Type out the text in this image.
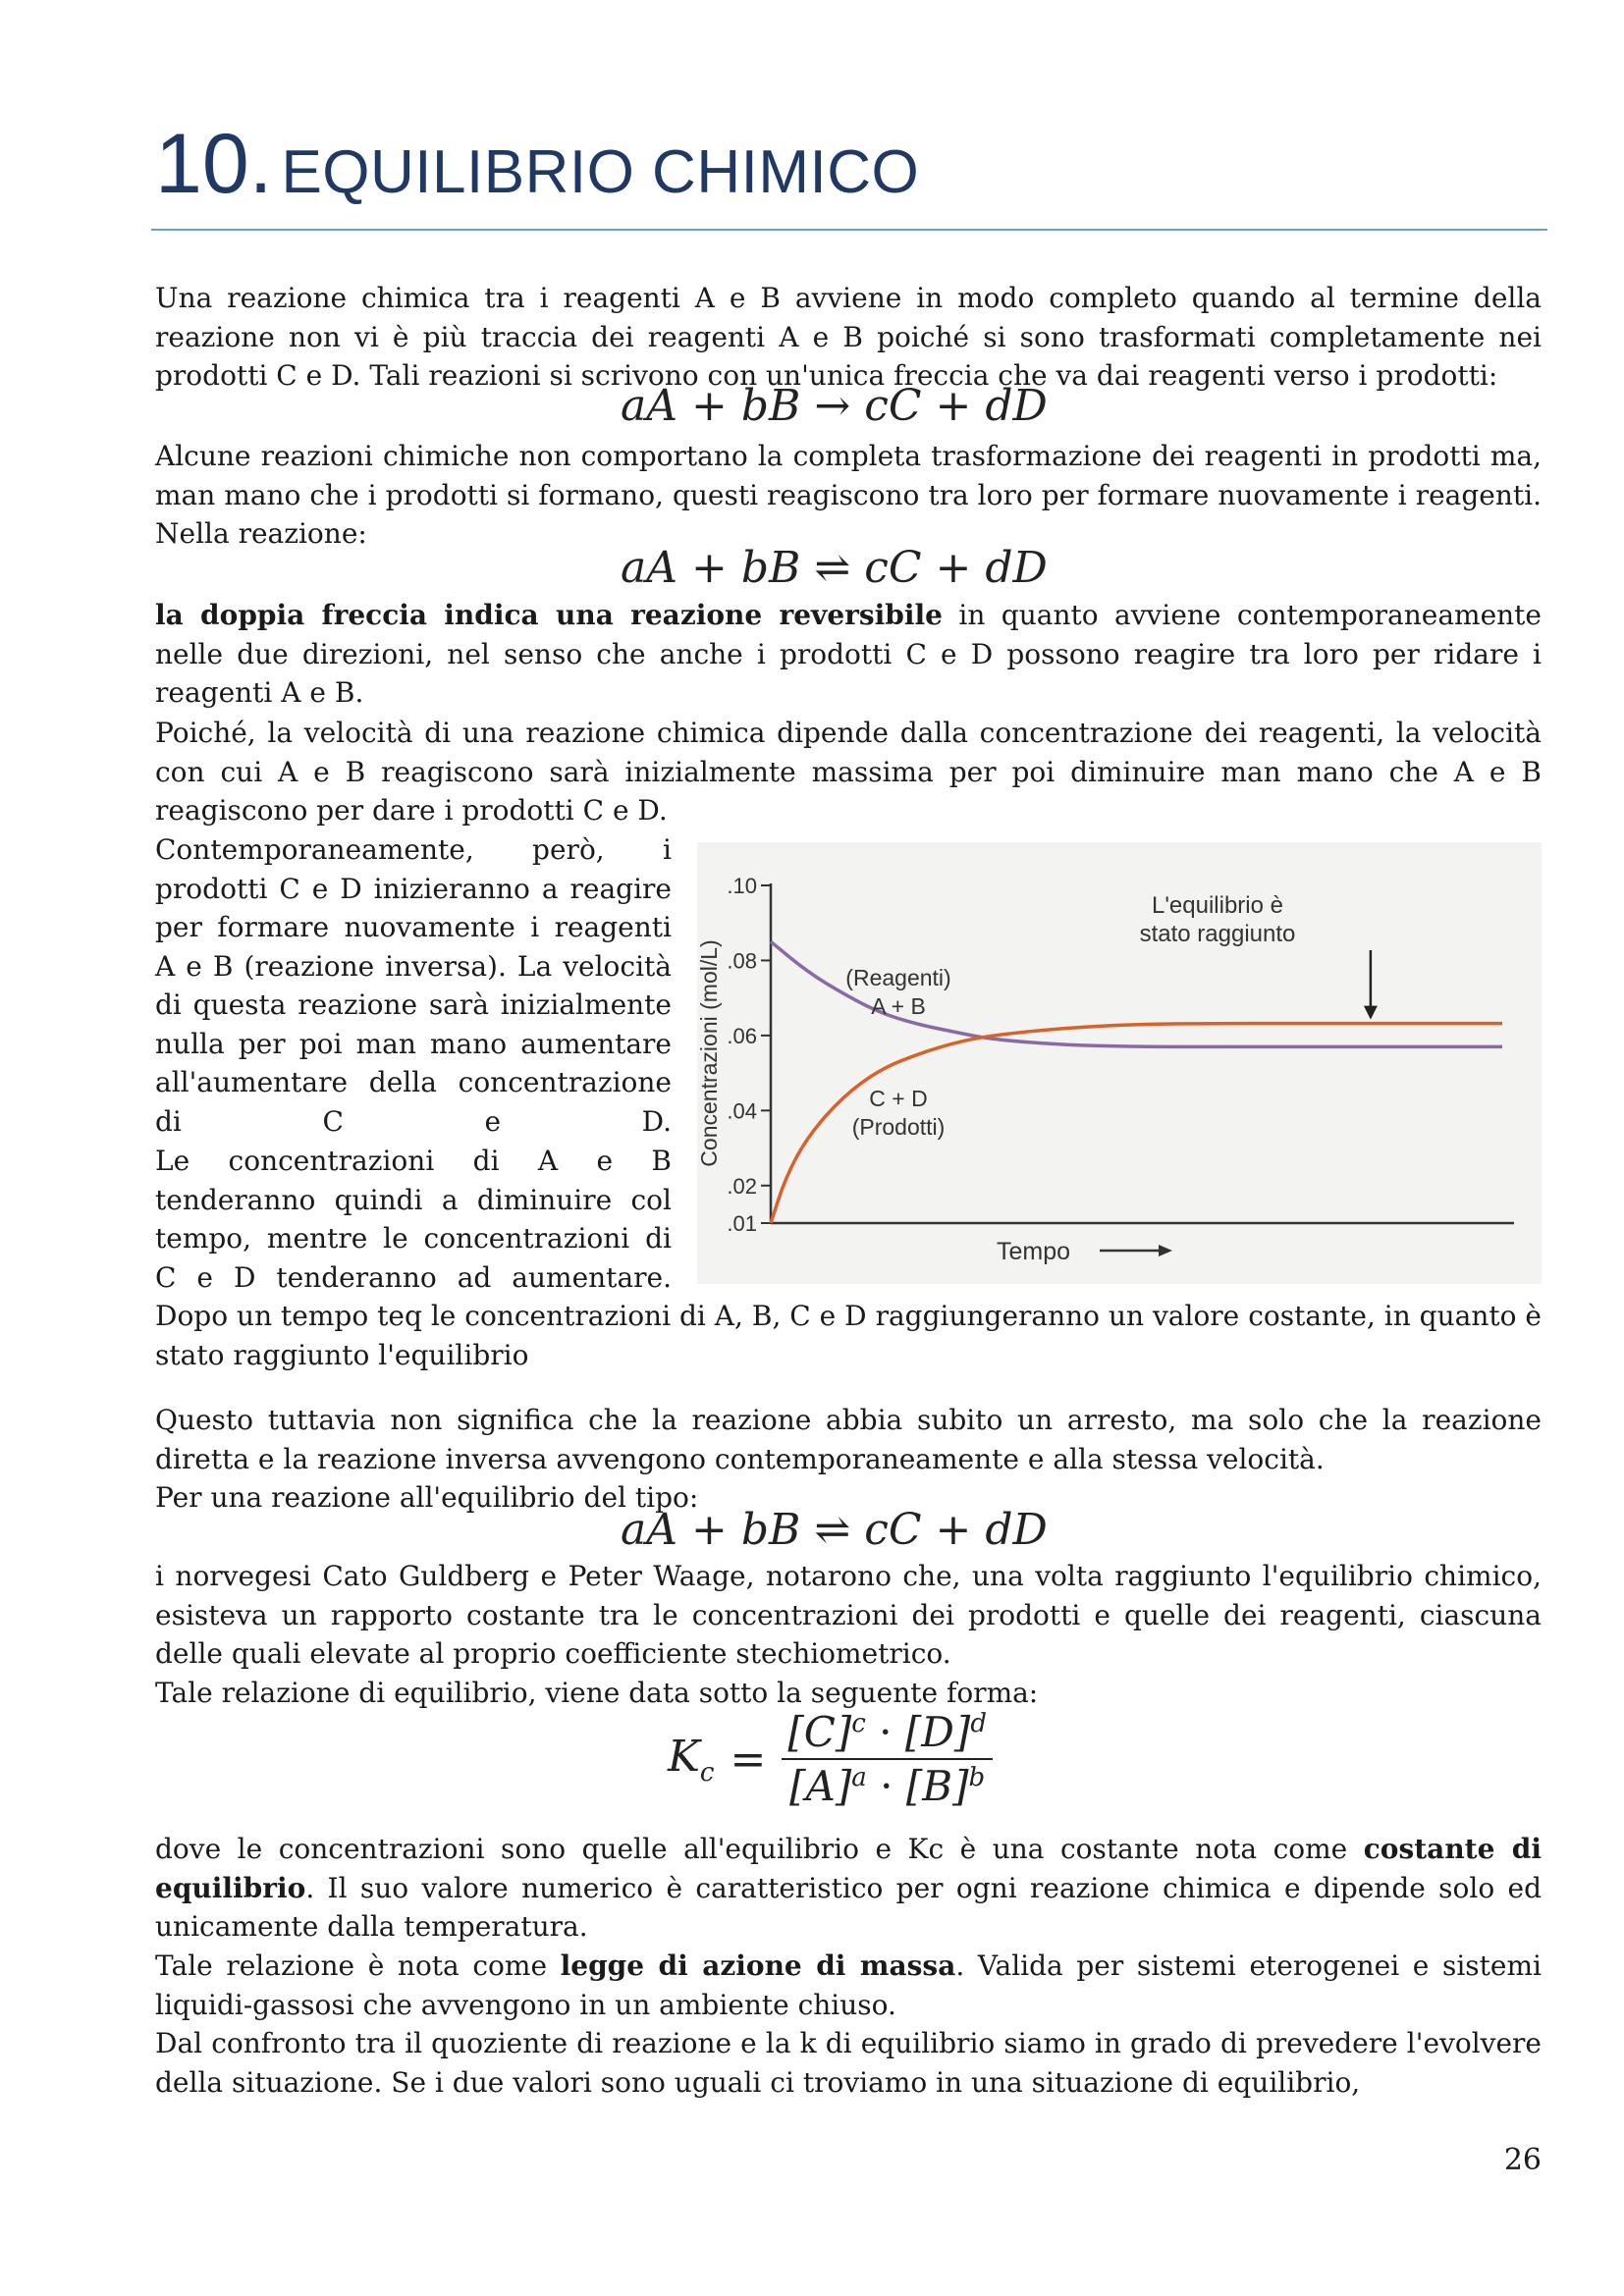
10. EQUILIBRIO CHIMICO

Una reazione chimica tra i reagenti A e B avviene in modo completo quando al termine della reazione non vi è più traccia dei reagenti A e B poiché si sono trasformati completamente nei prodotti C e D. Tali reazioni si scrivono con un'unica freccia che va dai reagenti verso i prodotti:

aA + bB → cC + dD

Alcune reazioni chimiche non comportano la completa trasformazione dei reagenti in prodotti ma, man mano che i prodotti si formano, questi reagiscono tra loro per formare nuovamente i reagenti. Nella reazione:

aA + bB ⇌ cC + dD

la doppia freccia indica una reazione reversibile in quanto avviene contemporaneamente nelle due direzioni, nel senso che anche i prodotti C e D possono reagire tra loro per ridare i reagenti A e B.

Poiché, la velocità di una reazione chimica dipende dalla concentrazione dei reagenti, la velocità con cui A e B reagiscono sarà inizialmente massima per poi diminuire man mano che A e B reagiscono per dare i prodotti C e D.

Contemporaneamente, però, i prodotti C e D inizieranno a reagire per formare nuovamente i reagenti A e B (reazione inversa). La velocità di questa reazione sarà inizialmente nulla per poi man mano aumentare all'aumentare della concentrazione di C e D.

Le concentrazioni di A e B tenderanno quindi a diminuire col tempo, mentre le concentrazioni di C e D tenderanno ad aumentare.

.01
.02
.04
.06
.08
.10
Concentrazioni (mol/L)
Tempo
L'equilibrio è
stato raggiunto
(Reagenti)
A + B
C + D
(Prodotti)

Dopo un tempo teq le concentrazioni di A, B, C e D raggiungeranno un valore costante, in quanto è stato raggiunto l'equilibrio

Questo tuttavia non significa che la reazione abbia subito un arresto, ma solo che la reazione diretta e la reazione inversa avvengono contemporaneamente e alla stessa velocità.

Per una reazione all'equilibrio del tipo:

aA + bB ⇌ cC + dD

i norvegesi Cato Guldberg e Peter Waage, notarono che, una volta raggiunto l'equilibrio chimico, esisteva un rapporto costante tra le concentrazioni dei prodotti e quelle dei reagenti, ciascuna delle quali elevate al proprio coefficiente stechiometrico.

Tale relazione di equilibrio, viene data sotto la seguente forma:

$K_c = \frac{[C]^c \cdot [D]^d}{[A]^a \cdot [B]^b}$

dove le concentrazioni sono quelle all'equilibrio e Kc è una costante nota come costante di equilibrio. Il suo valore numerico è caratteristico per ogni reazione chimica e dipende solo ed unicamente dalla temperatura.

Tale relazione è nota come legge di azione di massa. Valida per sistemi eterogenei e sistemi liquidi-gassosi che avvengono in un ambiente chiuso.

Dal confronto tra il quoziente di reazione e la k di equilibrio siamo in grado di prevedere l'evolvere della situazione. Se i due valori sono uguali ci troviamo in una situazione di equilibrio,

26
